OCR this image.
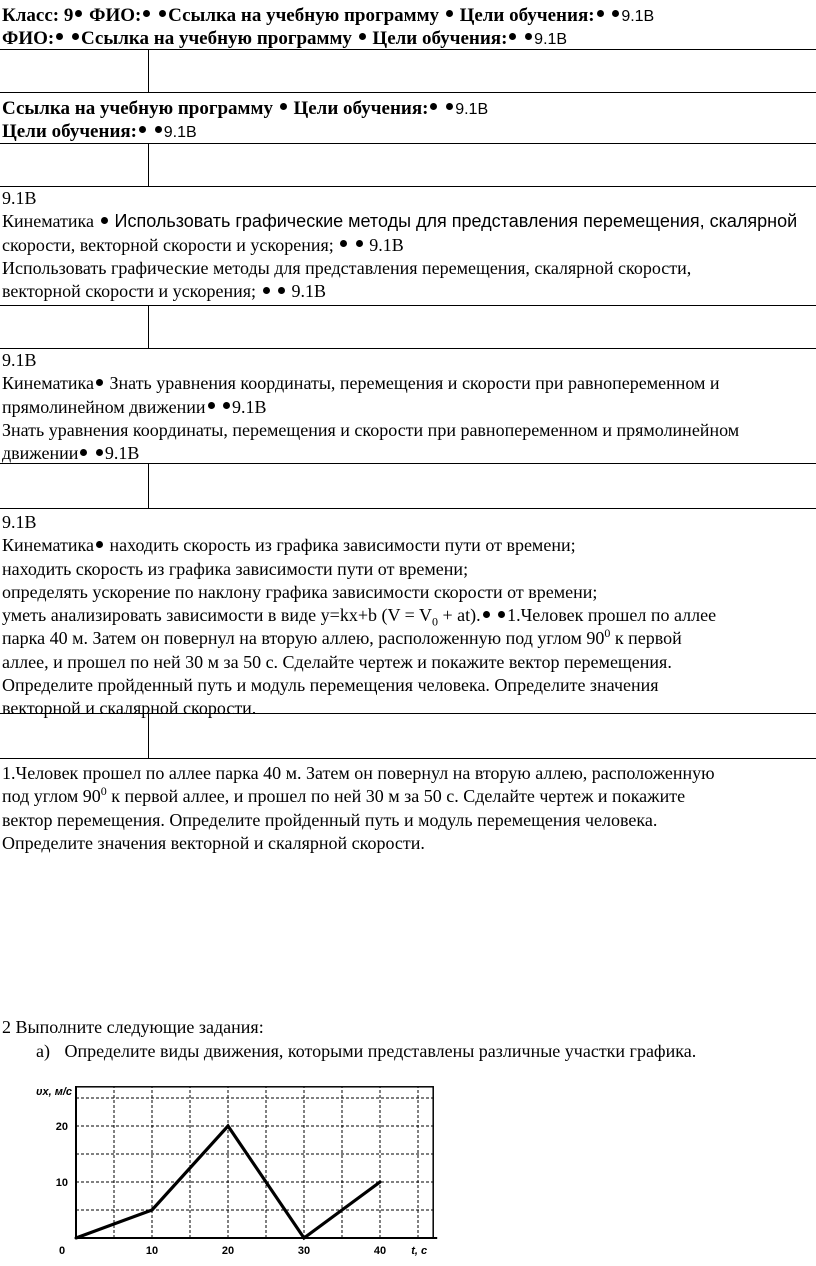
Класс: 9 ФИО: Ссылка на учебную программу  Цели обучения: 9.1В
ФИО: Ссылка на учебную программу  Цели обучения: 9.1В
Ссылка на учебную программу  Цели обучения: 9.1В
Цели обучения: 9.1В
9.1В
Кинематика  Использовать графические методы для представления перемещения, скалярной
скорости, векторной скорости и ускорения;   9.1В
Использовать графические методы для представления перемещения, скалярной скорости,
векторной скорости и ускорения;   9.1В
9.1В
Кинематика Знать уравнения координаты, перемещения и скорости при равнопеременном и
прямолинейном движении 9.1В
Знать уравнения координаты, перемещения и скорости при равнопеременном и прямолинейном
движении 9.1В
9.1В
Кинематика находить скорость из графика зависимости пути от времени;
находить скорость из графика зависимости пути от времени;
определять ускорение по наклону графика зависимости скорости от времени;
уметь анализировать зависимости в виде y=kx+b $(V = V_0 + at)$. 1.Человек прошел по аллее
парка 40 м. Затем он повернул на вторую аллею, расположенную под углом $90^0$ к первой
аллее, и прошел по ней 30 м за 50 с. Сделайте чертеж и покажите вектор перемещения.
Определите пройденный путь и модуль перемещения человека. Определите значения
векторной и скалярной скорости.
1.Человек прошел по аллее парка 40 м. Затем он повернул на вторую аллею, расположенную
под углом $90^0$ к первой аллее, и прошел по ней 30 м за 50 с. Сделайте чертеж и покажите
вектор перемещения. Определите пройденный путь и модуль перемещения человека.
Определите значения векторной и скалярной скорости.
2 Выполните следующие задания:
а) Определите виды движения, которыми представлены различные участки графика.
0	10	20	30	40
10
20
υx, м/с
t, с
